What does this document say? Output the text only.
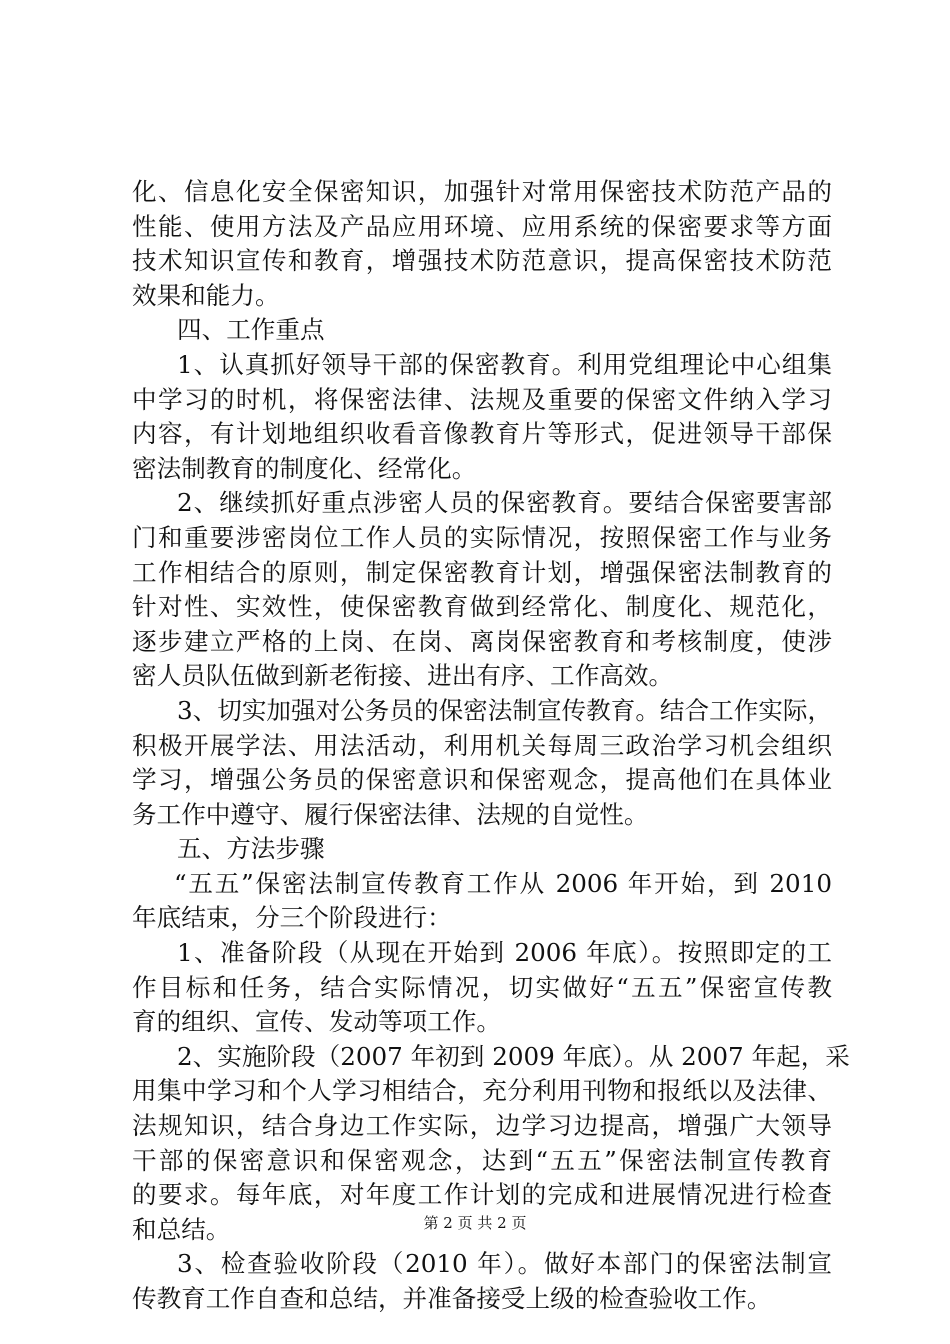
化、信息化安全保密知识，加强针对常用保密技术防范产品的
性能、使用方法及产品应用环境、应用系统的保密要求等方面
技术知识宣传和教育，增强技术防范意识，提高保密技术防范
效果和能力。
四、工作重点
1、认真抓好领导干部的保密教育。利用党组理论中心组集
中学习的时机，将保密法律、法规及重要的保密文件纳入学习
内容，有计划地组织收看音像教育片等形式，促进领导干部保
密法制教育的制度化、经常化。
2、继续抓好重点涉密人员的保密教育。要结合保密要害部
门和重要涉密岗位工作人员的实际情况，按照保密工作与业务
工作相结合的原则，制定保密教育计划，增强保密法制教育的
针对性、实效性，使保密教育做到经常化、制度化、规范化，
逐步建立严格的上岗、在岗、离岗保密教育和考核制度，使涉
密人员队伍做到新老衔接、进出有序、工作高效。
3、切实加强对公务员的保密法制宣传教育。结合工作实际，
积极开展学法、用法活动，利用机关每周三政治学习机会组织
学习，增强公务员的保密意识和保密观念，提高他们在具体业
务工作中遵守、履行保密法律、法规的自觉性。
五、方法步骤
“五五”保密法制宣传教育工作从 2006 年开始，到 2010
年底结束，分三个阶段进行：
1、准备阶段（从现在开始到 2006 年底）。按照即定的工
作目标和任务，结合实际情况，切实做好“五五”保密宣传教
育的组织、宣传、发动等项工作。
2、实施阶段（2007 年初到 2009 年底）。从 2007 年起，采
用集中学习和个人学习相结合，充分利用刊物和报纸以及法律、
法规知识，结合身边工作实际，边学习边提高，增强广大领导
干部的保密意识和保密观念，达到“五五”保密法制宣传教育
的要求。每年底，对年度工作计划的完成和进展情况进行检查
和总结。
3、检查验收阶段（2010 年）。做好本部门的保密法制宣
传教育工作自查和总结，并准备接受上级的检查验收工作。
第 2 页 共 2 页
